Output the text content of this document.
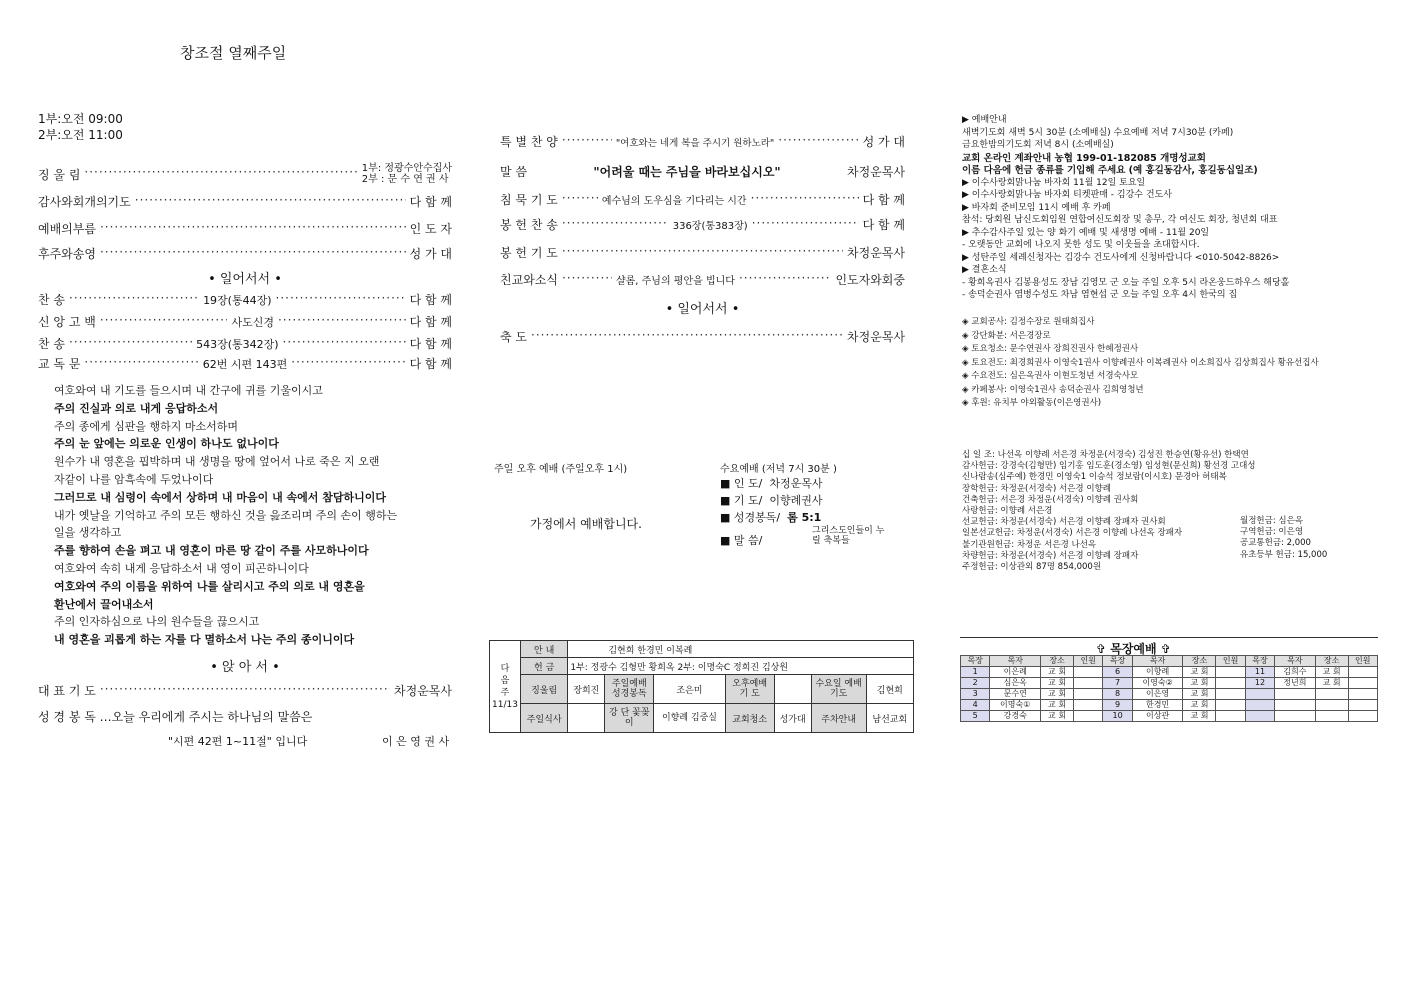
창조절 열째주일
1부:오전 09:00
2부:오전 11:00
징 울 림 ·····	1부: 정광수안수집사
2부 : 문 수 연 권 사
감사와회개의기도 ·····	다 함 께
예배의부름 ·····	인 도 자
후주와송영 ·····	성 가 대
• 일어서서 •
찬 송 ·····	19장(통44장) ·····	다 함 께
신 앙 고 백 ·····	사도신경 ·····	다 함 께
찬 송 ·····	543장(통342장) ·····	다 함 께
교 독 문 ·····	62번 시편 143편 ·····	다 함 께
여호와여 내 기도를 들으시며 내 간구에 귀를 기울이시고
주의 진실과 의로 내게 응답하소서
주의 종에게 심판을 행하지 마소서하며
주의 눈 앞에는 의로운 인생이 하나도 없나이다
원수가 내 영혼을 핍박하며 내 생명을 땅에 엎어서 나로 죽은 지 오랜
자같이 나를 암흑속에 두었나이다
그러므로 내 심령이 속에서 상하며 내 마음이 내 속에서 참담하니이다
내가 옛날을 기억하고 주의 모든 행하신 것을 읊조리며 주의 손이 행하는
일을 생각하고
주를 향하여 손을 펴고 내 영혼이 마른 땅 같이 주를 사모하나이다
여호와여 속히 내게 응답하소서 내 영이 피곤하니이다
여호와여 주의 이름을 위하여 나를 살리시고 주의 의로 내 영혼을
환난에서 끌어내소서
주의 인자하심으로 나의 원수들을 끊으시고
내 영혼을 괴롭게 하는 자를 다 멸하소서 나는 주의 종이니이다
• 앉 아 서 •
대 표 기 도 ·····	차정운목사
성 경 봉 독 …오늘 우리에게 주시는 하나님의 말씀은
"시편 42편 1~11절" 입니다	이 은 영 권 사
특 별 찬 양 ·····	"여호와는 네게 복을 주시기 원하노라" ·····	성 가 대
말 씀	"어려울 때는 주님을 바라보십시오"	차정운목사
침 묵 기 도 ·····	예수님의 도우심을 기다리는 시간 ·····	다 함 께
봉 헌 찬 송 ·····	336장(통383장) ·····	다 함 께
봉 헌 기 도 ·····	차정운목사
친교와소식 ·····	샬롬, 주님의 평안을 빕니다 ·····	인도자와회중
• 일어서서 •
축 도 ·····	차정운목사
주일 오후 예배 (주일오후 1시)
가정에서 예배합니다.
수요예배 (저녁 7시 30분 )
■ 인 도/ 차정운목사
■ 기 도/ 이향례권사
■ 성경봉독/ 롬 5:1
■ 말 씀/
그리스도인들이 누릴 축복들
다
음
주
11/13	안 내	김현희 한경민 이복례						
	헌 금	1부: 정광수 김형만 황희옥 2부: 이명숙C 정희진 김상원						
	징울림	장희진	주일예배 성경봉독	조은미	오후예배 기 도		수요일 예배기도	김현희
	주일식사		강 단 꽃꽂이	이향례 김중실	교회청소	성가대	주차안내	남선교회
▶ 예배안내
새벽기도회 새벽 5시 30분 (소예배실) 수요예배 저녁 7시30분 (카페)
금요한밤의기도회 저녁 8시 (소예배실)
교회 온라인 계좌안내 농협 199-01-182085 개명성교회
이름 다음에 헌금 종류를 기입해 주세요 (예 홍길동감사, 홍길동십일조)
▶ 이수사랑회맑나눔 바자회 11월 12일 토요일
▶ 이수사랑회맑나눔 바자회 티켓판매 - 김강수 건도사
▶ 바자회 준비모임 11시 예배 후 카페
참석: 당회원 남신도회임원 연합여신도회장 및 총무, 각 여신도 회장, 청년회 대표
▶ 추수감사주일 있는 양 화기 예배 및 새생명 예배 - 11월 20일
- 오랫동안 교회에 나오지 못한 성도 및 이웃들을 초대합시다.
▶ 성탄주일 세례신청자는 김강수 건도사에게 신청바랍니다 <010-5042-8826>
▶ 결혼소식
- 황희옥권사 김봉용성도 장남 김영모 군 오늘 주일 오후 5시 라온웅드하우스 해당홀
- 송덕순권사 염병수성도 차남 염현섭 군 오늘 주일 오후 4시 한국의 집
◈ 교회공사: 김정수장로 원태희집사
◈ 강단화분: 서은경장로
◈ 토요청소: 문수연권사 장희진권사 한혜정권사
◈ 토요전도: 최경희권사 이영숙1권사 이향례권사 이복례권사 이소희집사 김상희집사 황유선집사
◈ 수요전도: 심은옥권사 이현도청년 서경숙사모
◈ 카페봉사: 이영숙1권사 송덕순권사 김희영청년
◈ 후원: 유치부 야외활동(이은영권사)
십 일 조: 나선옥 이향례 서은경 차정운(서경숙) 김성진 한승연(황유선) 한택연
감사헌금: 강경숙(김형만) 임기홍 임도훈(경소영) 임성현(문신희) 황선경 고대성
신나람송(심주예) 한경민 이영숙1 이승석 정보람(이시호) 문경아 허태복
장학헌금: 차정운(서경숙) 서은경 이향례
건축헌금: 서은경 차정운(서경숙) 이향례 권사회
사랑헌금: 이향례 서은경
선교헌금: 차정운(서경숙) 서은경 이향례 장패자 권사회
일본선교헌금: 차정운(서경숙) 서은경 이향례 나선옥 장패자
불기관원헌금: 차정운 서은경 나선옥
차량헌금: 차정운(서경숙) 서은경 이향례 장패자
주정헌금: 이상관외 87명 854,000원
월정헌금: 심은옥
구역헌금: 이은영
공교통헌금: 2,000
유초등부 헌금: 15,000
✞ 목장예배 ✞
목장	목자	장소	인원	목장	목자	장소	인원	목장	목자	장소	인원
1	이은례	교 회		6	이향례	교 회		11	김희수	교 회	
2	심은옥	교 회		7	이영숙②	교 회		12	정년희	교 회	
3	문수연	교 회		8	이은영	교 회					
4	이명숙①	교 회		9	한경민	교 회					
5	강경숙	교 회		10	이상관	교 회					
